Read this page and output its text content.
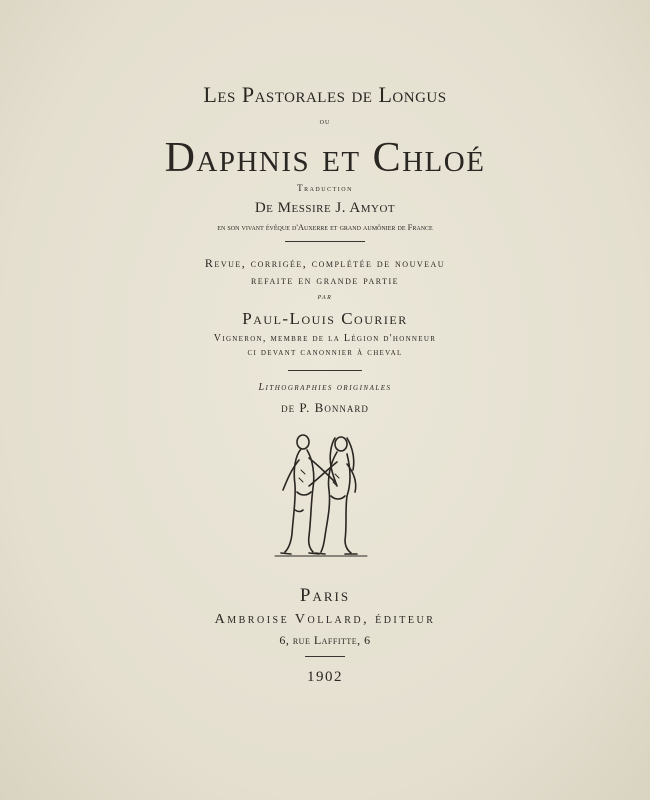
Les Pastorales de Longus
ou
Daphnis et Chloé
Traduction
De Messire J. Amyot
en son vivant évêque d'Auxerre et grand aumônier de France
Revue, corrigée, complétée de nouveau
refaite en grande partie
par
Paul-Louis Courier
Vigneron, membre de la Légion d'honneur
ci devant canonnier à cheval
Lithographies originales
de P. Bonnard
Paris
Ambroise Vollard, éditeur
6, rue Laffitte, 6
1902
